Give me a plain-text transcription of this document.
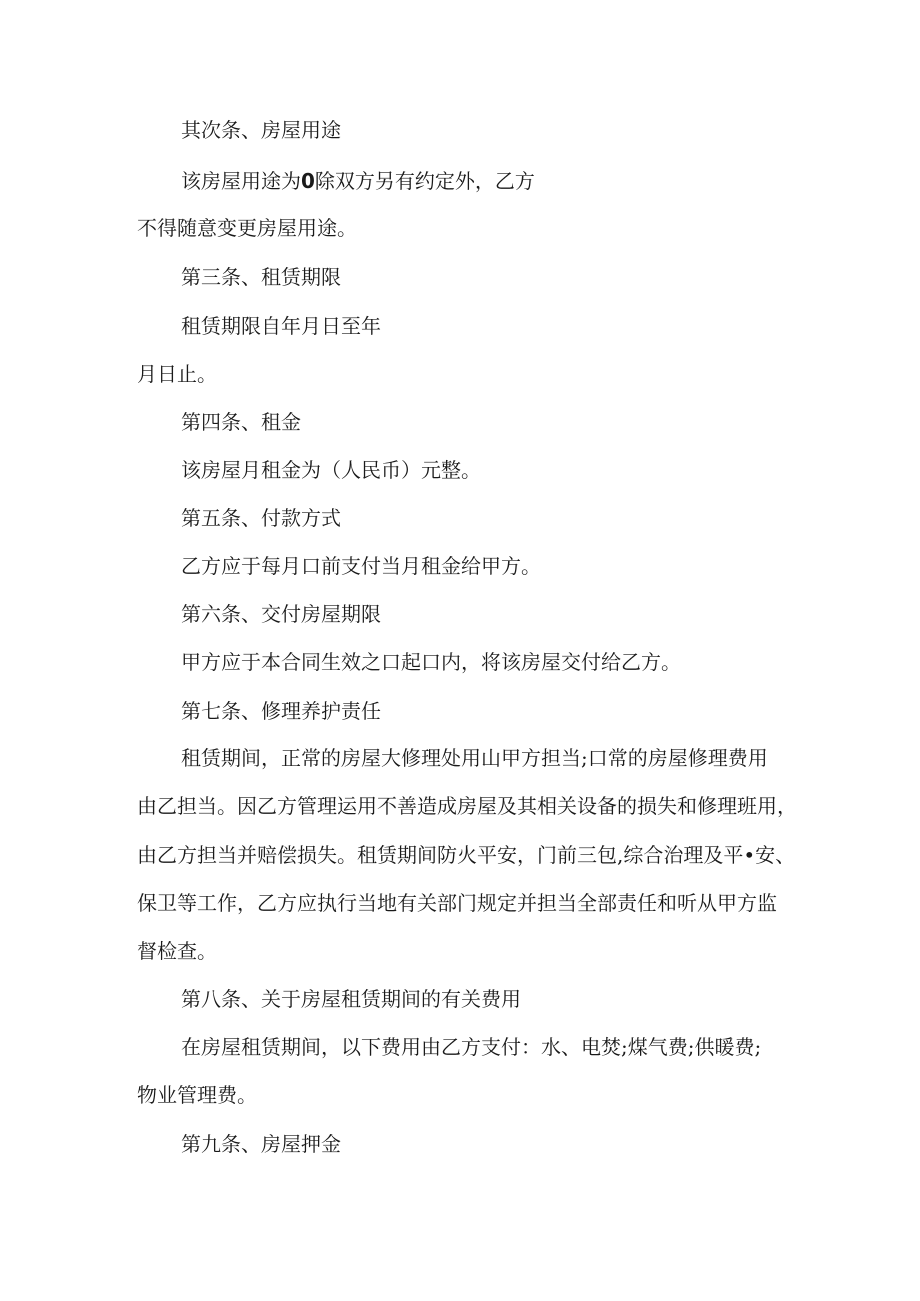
其次条、房屋用途

该房屋用途为0除双方另有约定外，乙方

不得随意变更房屋用途。

第三条、租赁期限

租赁期限自年月日至年

月日止。

第四条、租金

该房屋月租金为（人民币）元整。

第五条、付款方式

乙方应于每月口前支付当月租金给甲方。

第六条、交付房屋期限

甲方应于本合同生效之口起口内，将该房屋交付给乙方。

第七条、修理养护责任

租赁期间，正常的房屋大修理处用山甲方担当;口常的房屋修理费用

由乙担当。因乙方管理运用不善造成房屋及其相关设备的损失和修理班用，

由乙方担当并赔偿损失。租赁期间防火平安，门前三包,综合治理及平•安、

保卫等工作，乙方应执行当地有关部门规定并担当全部责任和听从甲方监

督检查。

第八条、关于房屋租赁期间的有关费用

在房屋租赁期间，以下费用由乙方支付：水、电焚;煤气费;供暖费;

物业管理费。

第九条、房屋押金
